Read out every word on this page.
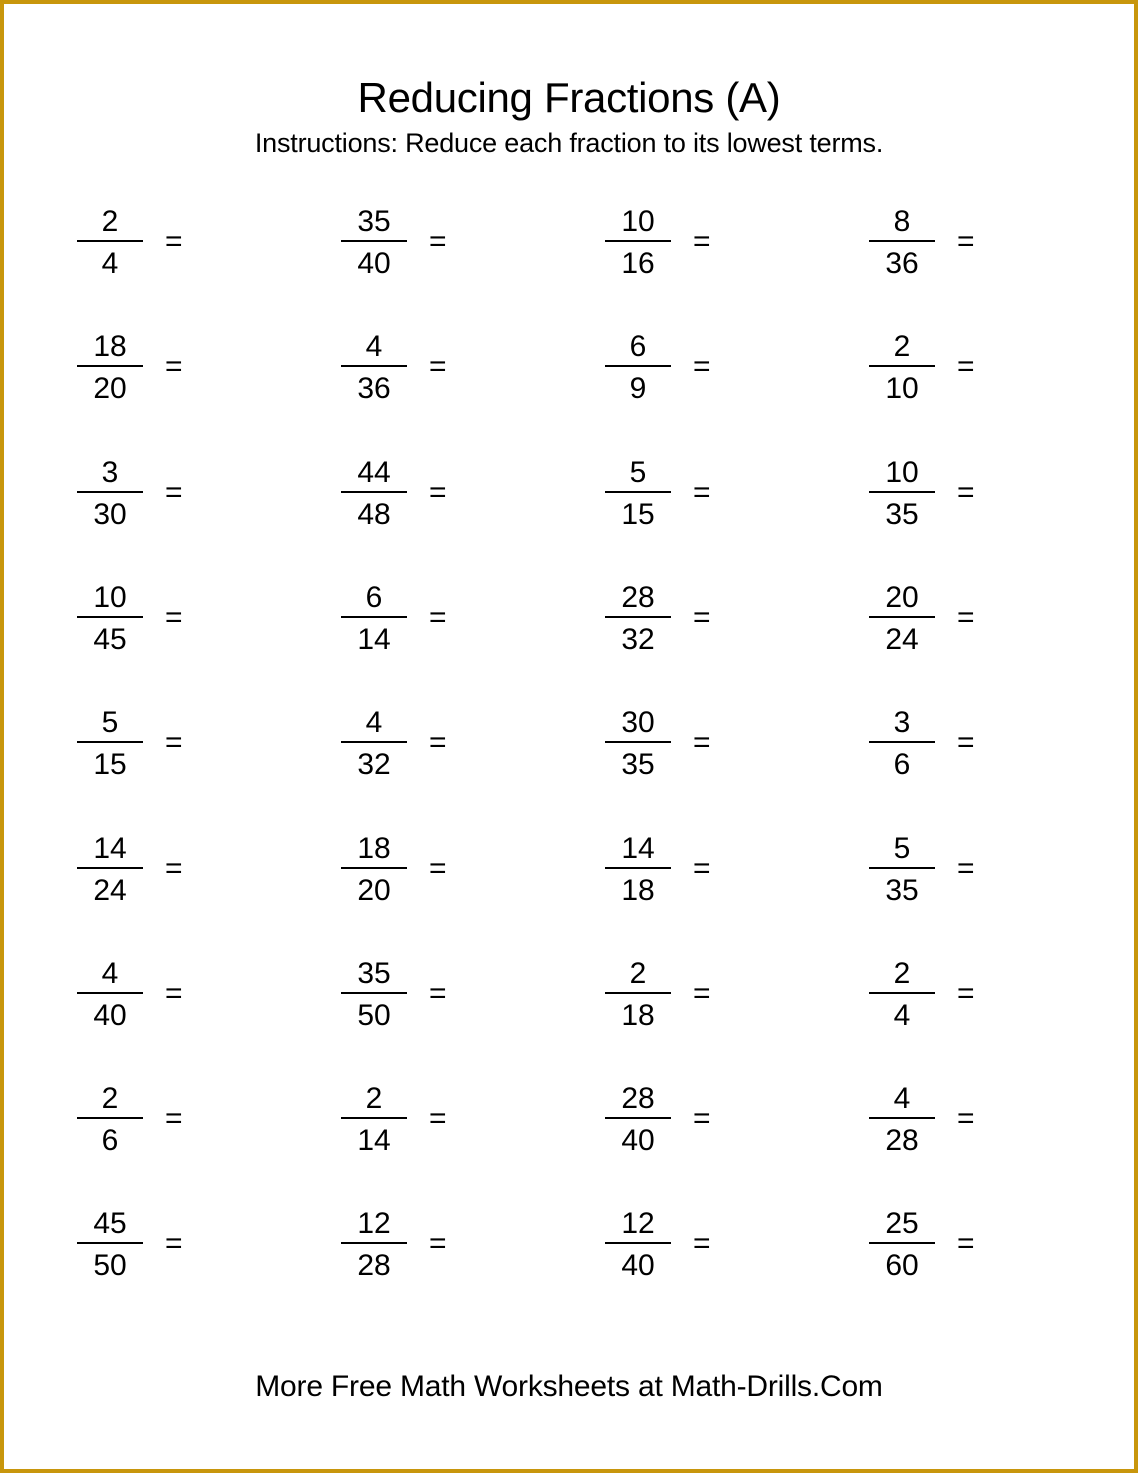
Reducing Fractions (A)
Instructions: Reduce each fraction to its lowest terms.
2
4
=
35
40
=
10
16
=
8
36
=
18
20
=
4
36
=
6
9
=
2
10
=
3
30
=
44
48
=
5
15
=
10
35
=
10
45
=
6
14
=
28
32
=
20
24
=
5
15
=
4
32
=
30
35
=
3
6
=
14
24
=
18
20
=
14
18
=
5
35
=
4
40
=
35
50
=
2
18
=
2
4
=
2
6
=
2
14
=
28
40
=
4
28
=
45
50
=
12
28
=
12
40
=
25
60
=
More Free Math Worksheets at Math-Drills.Com
